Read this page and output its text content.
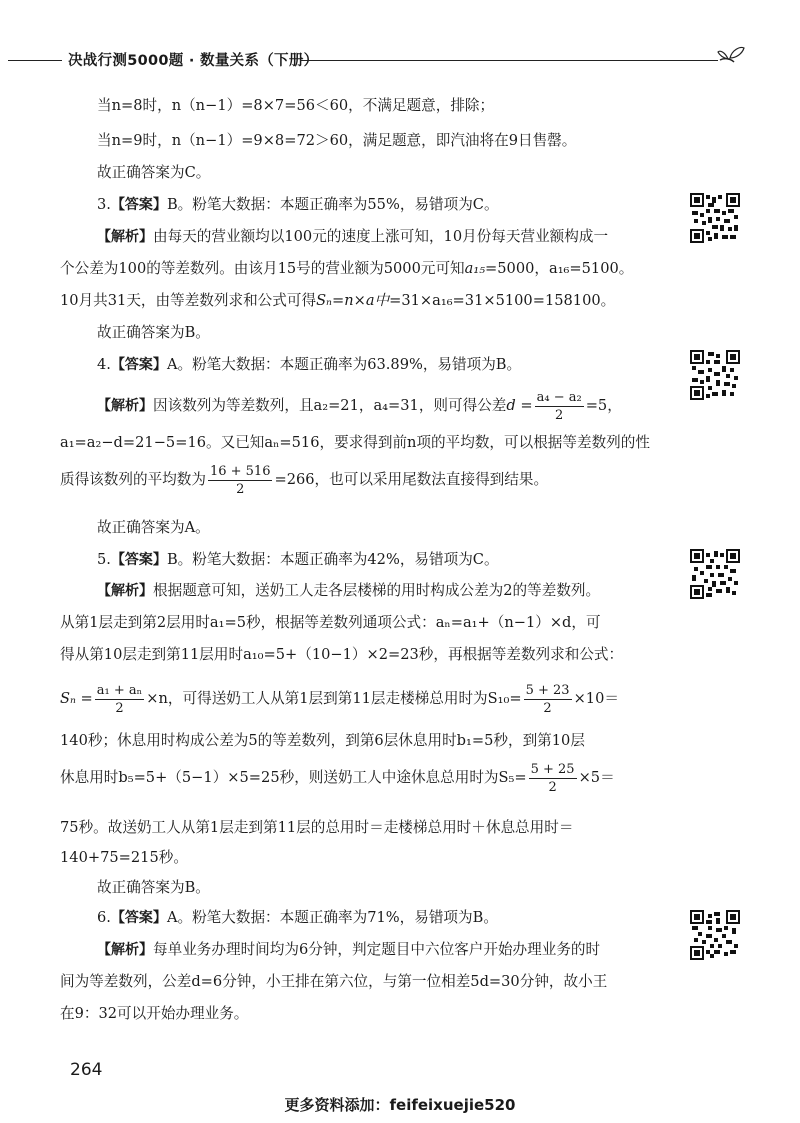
决战行测5000题 · 数量关系（下册）
当n=8时，n（n−1）=8×7=56＜60，不满足题意，排除；
当n=9时，n（n−1）=9×8=72＞60，满足题意，即汽油将在9日售罄。
故正确答案为C。
3.【答案】B。粉笔大数据：本题正确率为55%，易错项为C。
【解析】由每天的营业额均以100元的速度上涨可知，10月份每天营业额构成一
个公差为100的等差数列。由该月15号的营业额为5000元可知a₁₅=5000，a₁₆=5100。
10月共31天，由等差数列求和公式可得Sₙ=n×a中=31×a₁₆=31×5100=158100。
故正确答案为B。
4.【答案】A。粉笔大数据：本题正确率为63.89%，易错项为B。
【解析】因该数列为等差数列，且a₂=21，a₄=31，则可得公差$d = \frac{\text{a₄ − a₂}}{2} =5$，
a₁=a₂−d=21−5=16。又已知aₙ=516，要求得到前n项的平均数，可以根据等差数列的性
质得该数列的平均数为 $\frac{16 + 516}{2} =266$，也可以采用尾数法直接得到结果。
故正确答案为A。
5.【答案】B。粉笔大数据：本题正确率为42%，易错项为C。
【解析】根据题意可知，送奶工人走各层楼梯的用时构成公差为2的等差数列。
从第1层走到第2层用时a₁=5秒，根据等差数列通项公式：aₙ=a₁+（n−1）×d，可
得从第10层走到第11层用时a₁₀=5+（10−1）×2=23秒，再根据等差数列求和公式：
$S_n = \frac{\text{a₁ + aₙ}}{2} \times n$，可得送奶工人从第1层到第11层走楼梯总用时为$S_{10}= \frac{5 + 23}{2} \times 10=$
140秒；休息用时构成公差为5的等差数列，到第6层休息用时b₁=5秒，到第10层
休息用时b₅=5+（5−1）×5=25秒，则送奶工人中途休息总用时为$S_5= \frac{5 + 25}{2} \times 5=$
75秒。故送奶工人从第1层走到第11层的总用时＝走楼梯总用时＋休息总用时＝
140+75=215秒。
故正确答案为B。
6.【答案】A。粉笔大数据：本题正确率为71%，易错项为B。
【解析】每单业务办理时间均为6分钟，判定题目中六位客户开始办理业务的时
间为等差数列，公差d=6分钟，小王排在第六位，与第一位相差5d=30分钟，故小王
在9：32可以开始办理业务。
264
更多资料添加：feifeixuejie520
